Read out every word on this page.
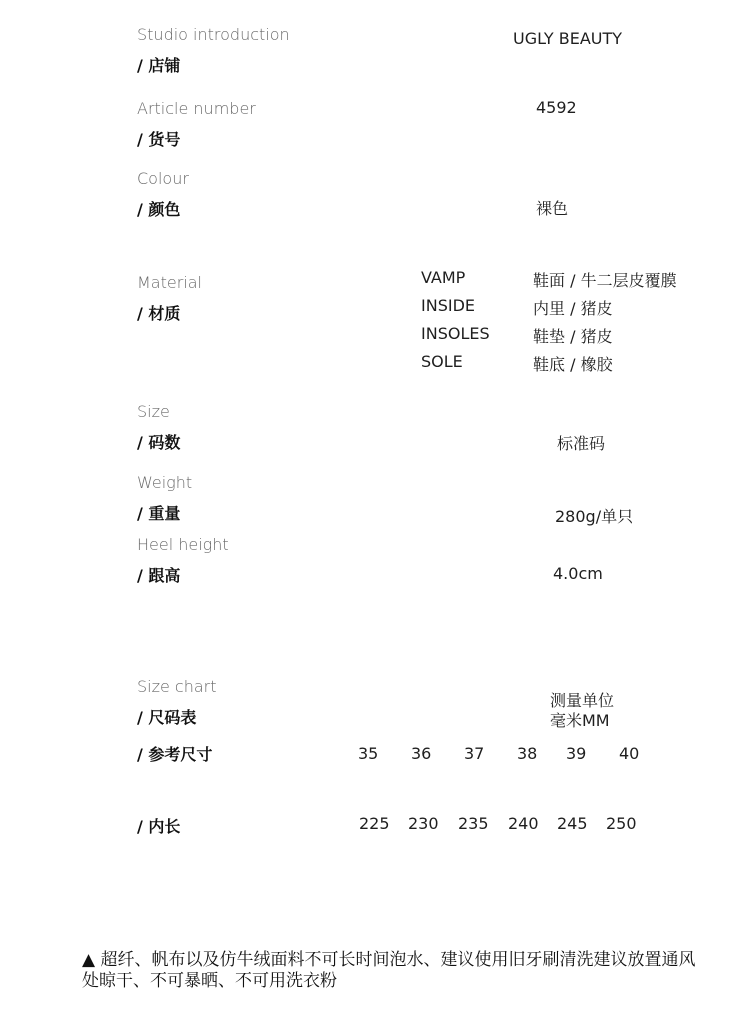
Studio introduction
/ 店铺
UGLY BEAUTY
Article number
/ 货号
4592
Colour
/ 颜色	裸色
Material
/ 材质
VAMP	鞋面 / 牛二层皮覆膜
INSIDE	内里 / 猪皮
INSOLES	鞋垫 / 猪皮
SOLE	鞋底 / 橡胶
Size
/ 码数	标准码
Weight
/ 重量	280g/单只
Heel height
/ 跟高	4.0cm
Size chart
/ 尺码表
测量单位
毫米MM
/ 参考尺寸	35 36 37 38 39 40
/ 内长	225 230 235 240 245 250
▲ 超纤、帆布以及仿牛绒面料不可长时间泡水、建议使用旧牙刷清洗建议放置通风处晾干、不可暴晒、不可用洗衣粉
